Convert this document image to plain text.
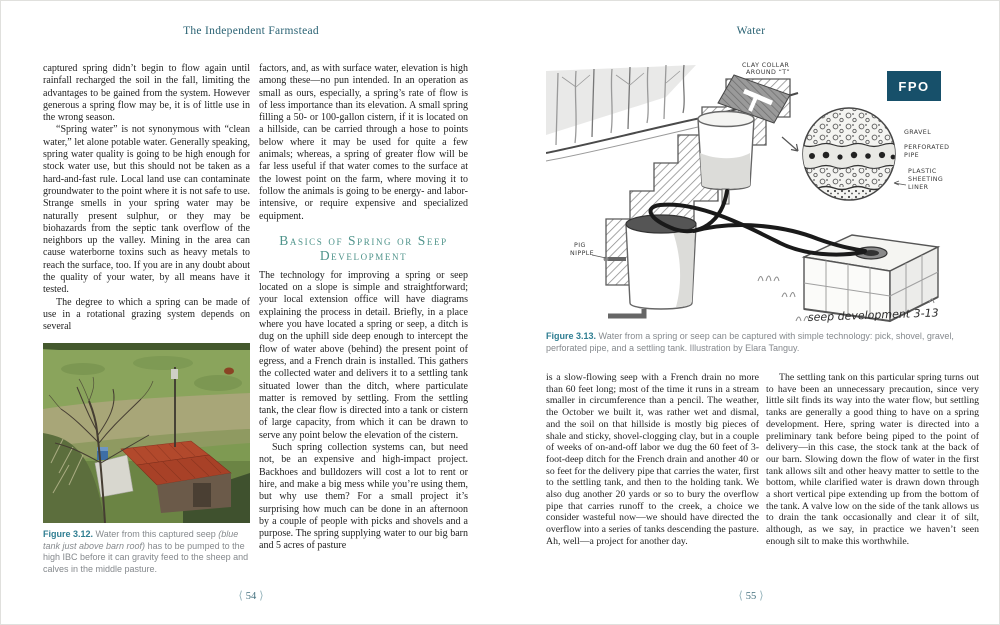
The Independent Farmstead

captured spring didn’t begin to flow again until rainfall recharged the soil in the fall, limiting the advantages to be gained from the system. However generous a spring flow may be, it is of little use in the wrong season.

“Spring water” is not synonymous with “clean water,” let alone potable water. Generally speaking, spring water quality is going to be high enough for stock water use, but this should not be taken as a hard-and-fast rule. Local land use can contaminate groundwater to the point where it is not safe to use. Strange smells in your spring water may be naturally present sulphur, or they may be biohazards from the septic tank overflow of the neighbors up the valley. Mining in the area can cause waterborne toxins such as heavy metals to reach the surface, too. If you are in any doubt about the quality of your water, by all means have it tested.

The degree to which a spring can be made of use in a rotational grazing system depends on several

factors, and, as with surface water, elevation is high among these—no pun intended. In an operation as small as ours, especially, a spring’s rate of flow is of less importance than its elevation. A small spring filling a 50- or 100-gallon cistern, if it is located on a hillside, can be carried through a hose to points below where it may be used for quite a few animals; whereas, a spring of greater flow will be far less useful if that water comes to the surface at the lowest point on the farm, where moving it to follow the animals is going to be energy- and labor-intensive, or require expensive and specialized equipment.

Basics of Spring or Seep
Development

The technology for improving a spring or seep located on a slope is simple and straightforward; your local extension office will have diagrams explaining the process in detail. Briefly, in a place where you have located a spring or seep, a ditch is dug on the uphill side deep enough to intercept the flow of water above (behind) the present point of egress, and a French drain is installed. This gathers the collected water and delivers it to a settling tank situated lower than the ditch, where particulate matter is removed by settling. From the settling tank, the clear flow is directed into a tank or cistern of large capacity, from which it can be drawn to serve any point below the elevation of the cistern.

Such spring collection systems can, but need not, be an expensive and high-impact project. Backhoes and bulldozers will cost a lot to rent or hire, and make a big mess while you’re using them, but why use them? For a small project it’s surprising how much can be done in an afternoon by a couple of people with picks and shovels and a purpose. The spring supplying water to our big barn and 5 acres of pasture

Figure 3.12. Water from this captured seep (blue tank just above barn roof) has to be pumped to the high IBC before it can gravity feed to the sheep and calves in the middle pasture.
⟨ 54 ⟩
Water
CLAY COLLAR
AROUND “T”
PIG
NIPPLE
GRAVEL
PERFORATED
PIPE
PLASTIC
SHEETING
LINER
FPO
seep development 3-13
Figure 3.13. Water from a spring or seep can be captured with simple technology: pick, shovel, gravel, perforated pipe, and a settling tank. Illustration by Elara Tanguy.

is a slow-flowing seep with a French drain no more than 60 feet long; most of the time it runs in a stream smaller in circumference than a pencil. The weather, the October we built it, was rather wet and dismal, and the soil on that hillside is mostly big pieces of shale and sticky, shovel-clogging clay, but in a couple of weeks of on-and-off labor we dug the 60 feet of 3-foot-deep ditch for the French drain and another 40 or so feet for the delivery pipe that carries the water, first to the settling tank, and then to the holding tank. We also dug another 20 yards or so to bury the overflow pipe that carries runoff to the creek, a choice we consider wasteful now—we should have directed the overflow into a series of tanks descending the pasture. Ah, well—a project for another day.

The settling tank on this particular spring turns out to have been an unnecessary precaution, since very little silt finds its way into the water flow, but settling tanks are generally a good thing to have on a spring development. Here, spring water is directed into a preliminary tank before being piped to the point of delivery—in this case, the stock tank at the back of our barn. Slowing down the flow of water in the first tank allows silt and other heavy matter to settle to the bottom, while clarified water is drawn down through a short vertical pipe extending up from the bottom of the tank. A valve low on the side of the tank allows us to drain the tank occasionally and clear it of silt, although, as we say, in practice we haven’t seen enough silt to make this worthwhile.

⟨ 55 ⟩
